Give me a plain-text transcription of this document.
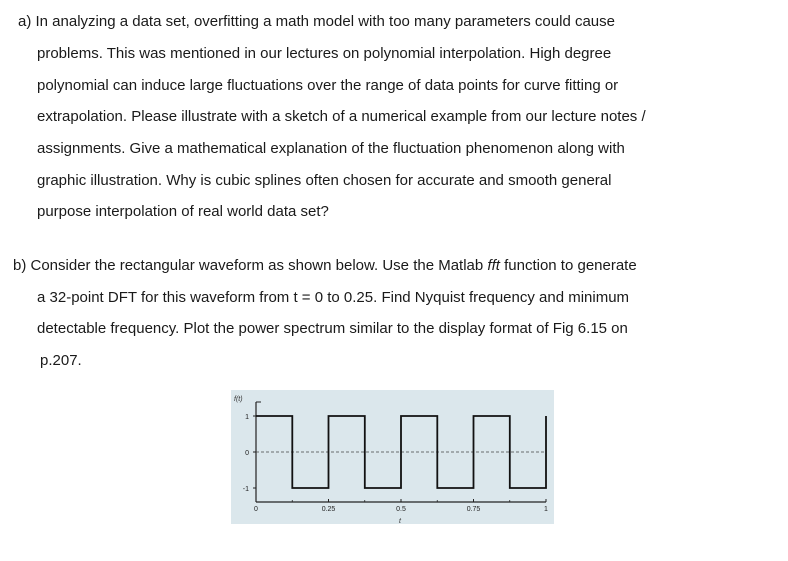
a) In analyzing a data set, overfitting a math model with too many parameters could cause
problems. This was mentioned in our lectures on polynomial interpolation. High degree
polynomial can induce large fluctuations over the range of data points for curve fitting or
extrapolation. Please illustrate with a sketch of a numerical example from our lecture notes /
assignments. Give a mathematical explanation of the fluctuation phenomenon along with
graphic illustration. Why is cubic splines often chosen for accurate and smooth general
purpose interpolation of real world data set?
b) Consider the rectangular waveform as shown below. Use the Matlab fft function to generate
a 32-point DFT for this waveform from t = 0 to 0.25. Find Nyquist frequency and minimum
detectable frequency. Plot the power spectrum similar to the display format of Fig 6.15 on
p.207.
f(t)
t
1
0
-1
0	0.25	0.5	0.75	1
